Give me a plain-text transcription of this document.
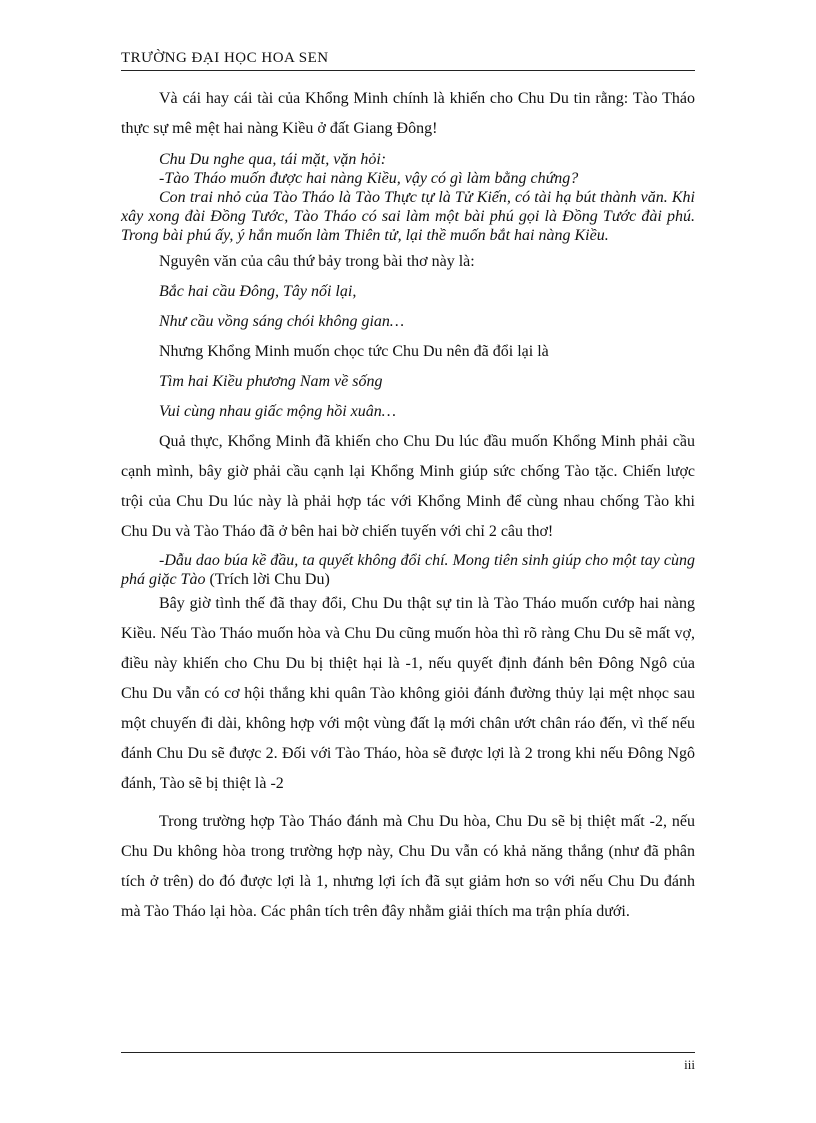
TRƯỜNG ĐẠI HỌC HOA SEN

Và cái hay cái tài của Khổng Minh chính là khiến cho Chu Du tin rằng: Tào Tháo thực sự mê mệt hai nàng Kiều ở đất Giang Đông!

Chu Du nghe qua, tái mặt, vặn hỏi:

-Tào Tháo muốn được hai nàng Kiều, vậy có gì làm bằng chứng?

Con trai nhỏ của Tào Tháo là Tào Thực tự là Tử Kiến, có tài hạ bút thành văn. Khi xây xong đài Đồng Tước, Tào Tháo có sai làm một bài phú gọi là Đồng Tước đài phú. Trong bài phú ấy, ý hắn muốn làm Thiên tử, lại thề muốn bắt hai nàng Kiều.

Nguyên văn của câu thứ bảy trong bài thơ này là:

Bắc hai cầu Đông, Tây nối lại,

Như cầu vồng sáng chói không gian…

Nhưng Khổng Minh muốn chọc tức Chu Du nên đã đổi lại là

Tìm hai Kiều phương Nam về sống

Vui cùng nhau giấc mộng hồi xuân…

Quả thực, Khổng Minh đã khiến cho Chu Du lúc đầu muốn Khổng Minh phải cầu cạnh mình, bây giờ phải cầu cạnh lại Khổng Minh giúp sức chống Tào tặc. Chiến lược trội của Chu Du lúc này là phải hợp tác với Khổng Minh để cùng nhau chống Tào khi Chu Du và Tào Tháo đã ở bên hai bờ chiến tuyến với chỉ 2 câu thơ!

-Dẫu dao búa kề đầu, ta quyết không đổi chí. Mong tiên sinh giúp cho một tay cùng phá giặc Tào (Trích lời Chu Du)

Bây giờ tình thế đã thay đổi, Chu Du thật sự tin là Tào Tháo muốn cướp hai nàng Kiều. Nếu Tào Tháo muốn hòa và Chu Du cũng muốn hòa thì rõ ràng Chu Du sẽ mất vợ, điều này khiến cho Chu Du bị thiệt hại là -1, nếu quyết định đánh bên Đông Ngô của Chu Du vẫn có cơ hội thắng khi quân Tào không giỏi đánh đường thủy lại mệt nhọc sau một chuyến đi dài, không hợp với một vùng đất lạ mới chân ướt chân ráo đến, vì thế nếu đánh Chu Du sẽ được 2. Đối với Tào Tháo, hòa sẽ được lợi là 2 trong khi nếu Đông Ngô đánh, Tào sẽ bị thiệt là -2

Trong trường hợp Tào Tháo đánh mà Chu Du hòa, Chu Du sẽ bị thiệt mất -2, nếu Chu Du không hòa trong trường hợp này, Chu Du vẫn có khả năng thắng (như đã phân tích ở trên) do đó được lợi là 1, nhưng lợi ích đã sụt giảm hơn so với nếu Chu Du đánh mà Tào Tháo lại hòa. Các phân tích trên đây nhằm giải thích ma trận phía dưới.

iii
